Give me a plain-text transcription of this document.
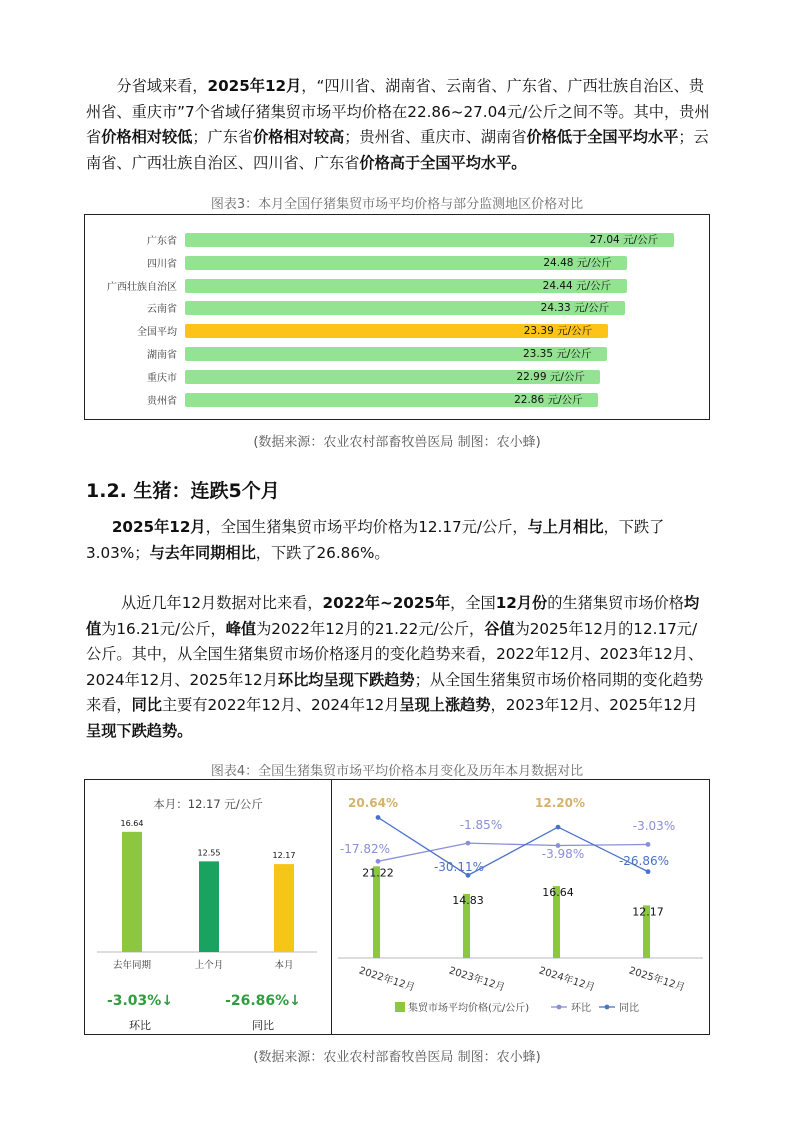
分省域来看，2025年12月，“四川省、湖南省、云南省、广东省、广西壮族自治区、贵州省、重庆市”7个省域仔猪集贸市场平均价格在22.86~27.04元/公斤之间不等。其中，贵州省价格相对较低；广东省价格相对较高；贵州省、重庆市、湖南省价格低于全国平均水平；云南省、广西壮族自治区、四川省、广东省价格高于全国平均水平。

图表3：本月全国仔猪集贸市场平均价格与部分监测地区价格对比
广东省	27.04 元/公斤
四川省	24.48 元/公斤
广西壮族自治区	24.44 元/公斤
云南省	24.33 元/公斤
全国平均	23.39 元/公斤
湖南省	23.35 元/公斤
重庆市	22.99 元/公斤
贵州省	22.86 元/公斤
(数据来源：农业农村部畜牧兽医局 制图：农小蜂)
1.2. 生猪：连跌5个月

2025年12月，全国生猪集贸市场平均价格为12.17元/公斤，与上月相比，下跌了3.03%；与去年同期相比，下跌了26.86%。

从近几年12月数据对比来看，2022年~2025年，全国12月份的生猪集贸市场价格均值为16.21元/公斤，峰值为2022年12月的21.22元/公斤，谷值为2025年12月的12.17元/公斤。其中，从全国生猪集贸市场价格逐月的变化趋势来看，2022年12月、2023年12月、2024年12月、2025年12月环比均呈现下跌趋势；从全国生猪集贸市场价格同期的变化趋势来看，同比主要有2022年12月、2024年12月呈现上涨趋势，2023年12月、2025年12月呈现下跌趋势。

图表4：全国生猪集贸市场平均价格本月变化及历年本月数据对比
本月：12.17 元/公斤
16.64
去年同期
12.55
上个月
12.17
本月
-3.03%↓	-26.86%↓
环比	同比
21.22
2022年12月
14.83
2023年12月
16.64
2024年12月
12.17
2025年12月
-17.82%
-1.85%
-3.98%
-3.03%
20.64%
-30.11%
12.20%
-26.86%
集贸市场平均价格(元/公斤)	环比	同比
(数据来源：农业农村部畜牧兽医局 制图：农小蜂)
